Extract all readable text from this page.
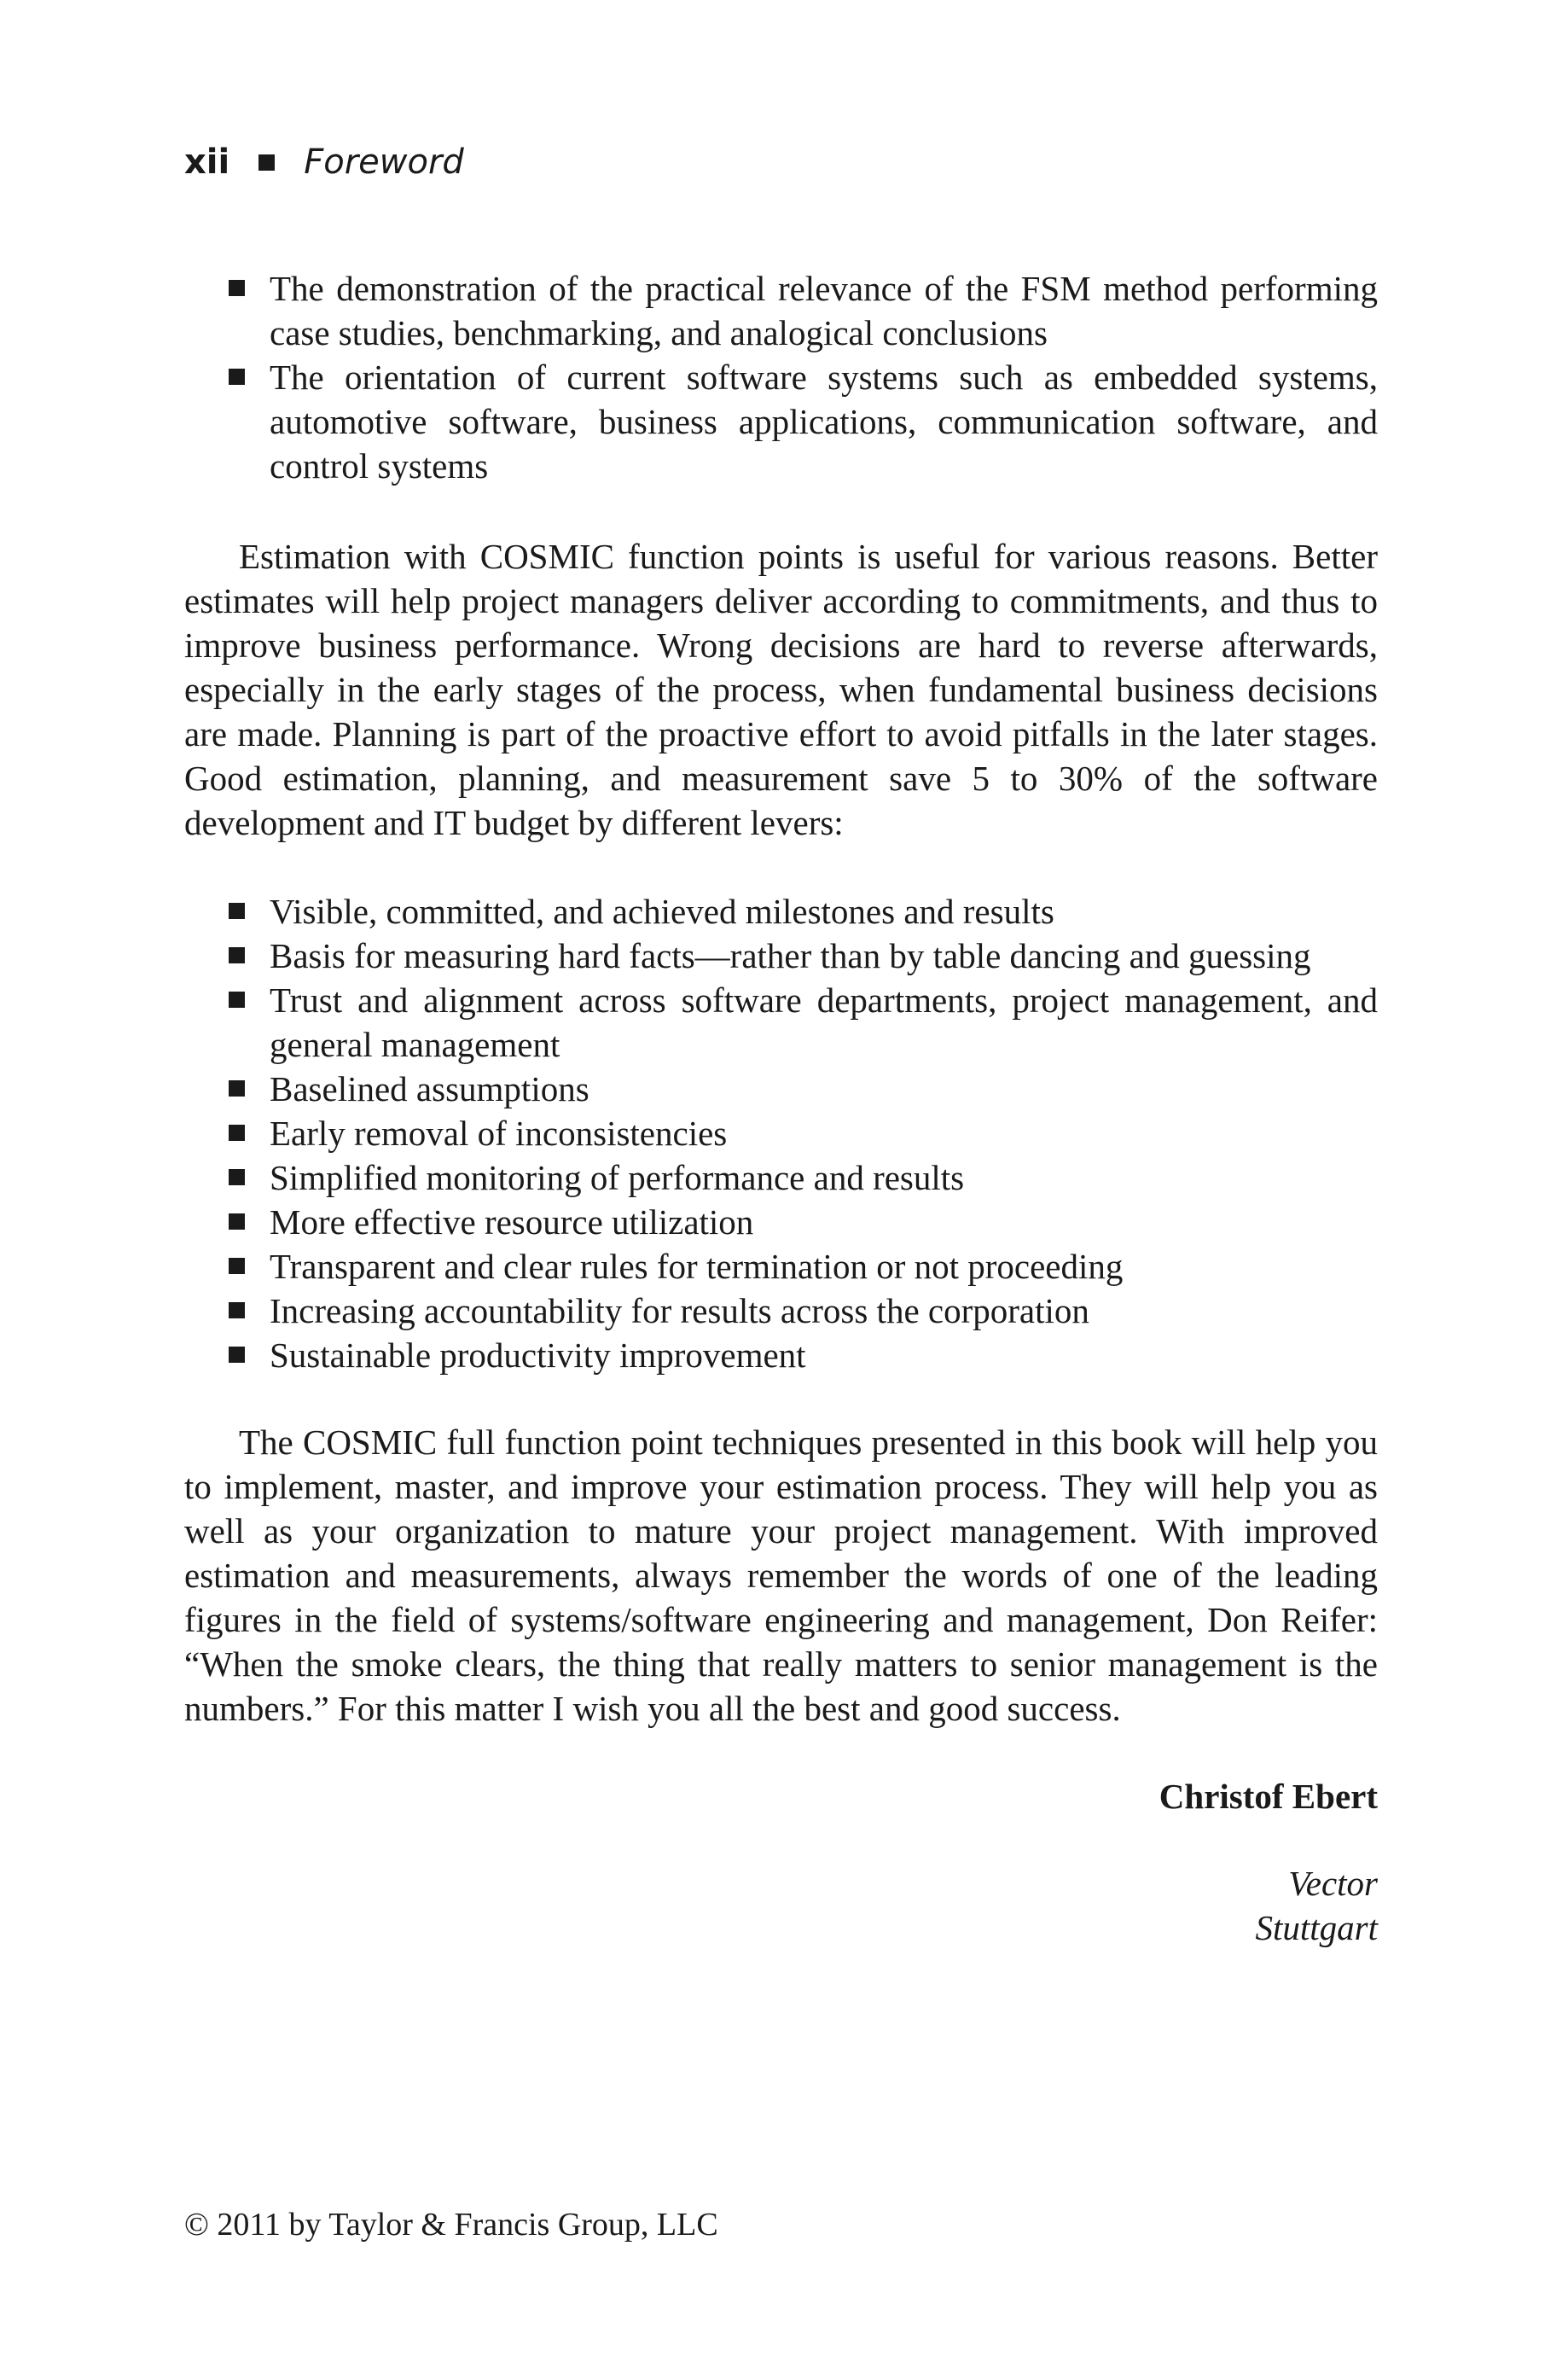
xii Foreword
The demonstration of the practical relevance of the FSM method performing case studies, benchmarking, and analogical conclusions
The orientation of current software systems such as embedded systems, automotive software, business applications, communication software, and control systems

Estimation with COSMIC function points is useful for various reasons. Better estimates will help project managers deliver according to commitments, and thus to improve business performance. Wrong decisions are hard to reverse afterwards, especially in the early stages of the process, when fundamental business decisions are made. Planning is part of the proactive effort to avoid pitfalls in the later stages. Good estimation, planning, and measurement save 5 to 30% of the software development and IT budget by different levers:

Visible, committed, and achieved milestones and results
Basis for measuring hard facts—rather than by table dancing and guessing
Trust and alignment across software departments, project management, and general management
Baselined assumptions
Early removal of inconsistencies
Simplified monitoring of performance and results
More effective resource utilization
Transparent and clear rules for termination or not proceeding
Increasing accountability for results across the corporation
Sustainable productivity improvement

The COSMIC full function point techniques presented in this book will help you to implement, master, and improve your estimation process. They will help you as well as your organization to mature your project management. With improved estimation and measurements, always remember the words of one of the leading figures in the field of systems/software engineering and management, Don Reifer: “When the smoke clears, the thing that really matters to senior management is the numbers.” For this matter I wish you all the best and good success.

Christof Ebert
Vector
Stuttgart
© 2011 by Taylor & Francis Group, LLC
